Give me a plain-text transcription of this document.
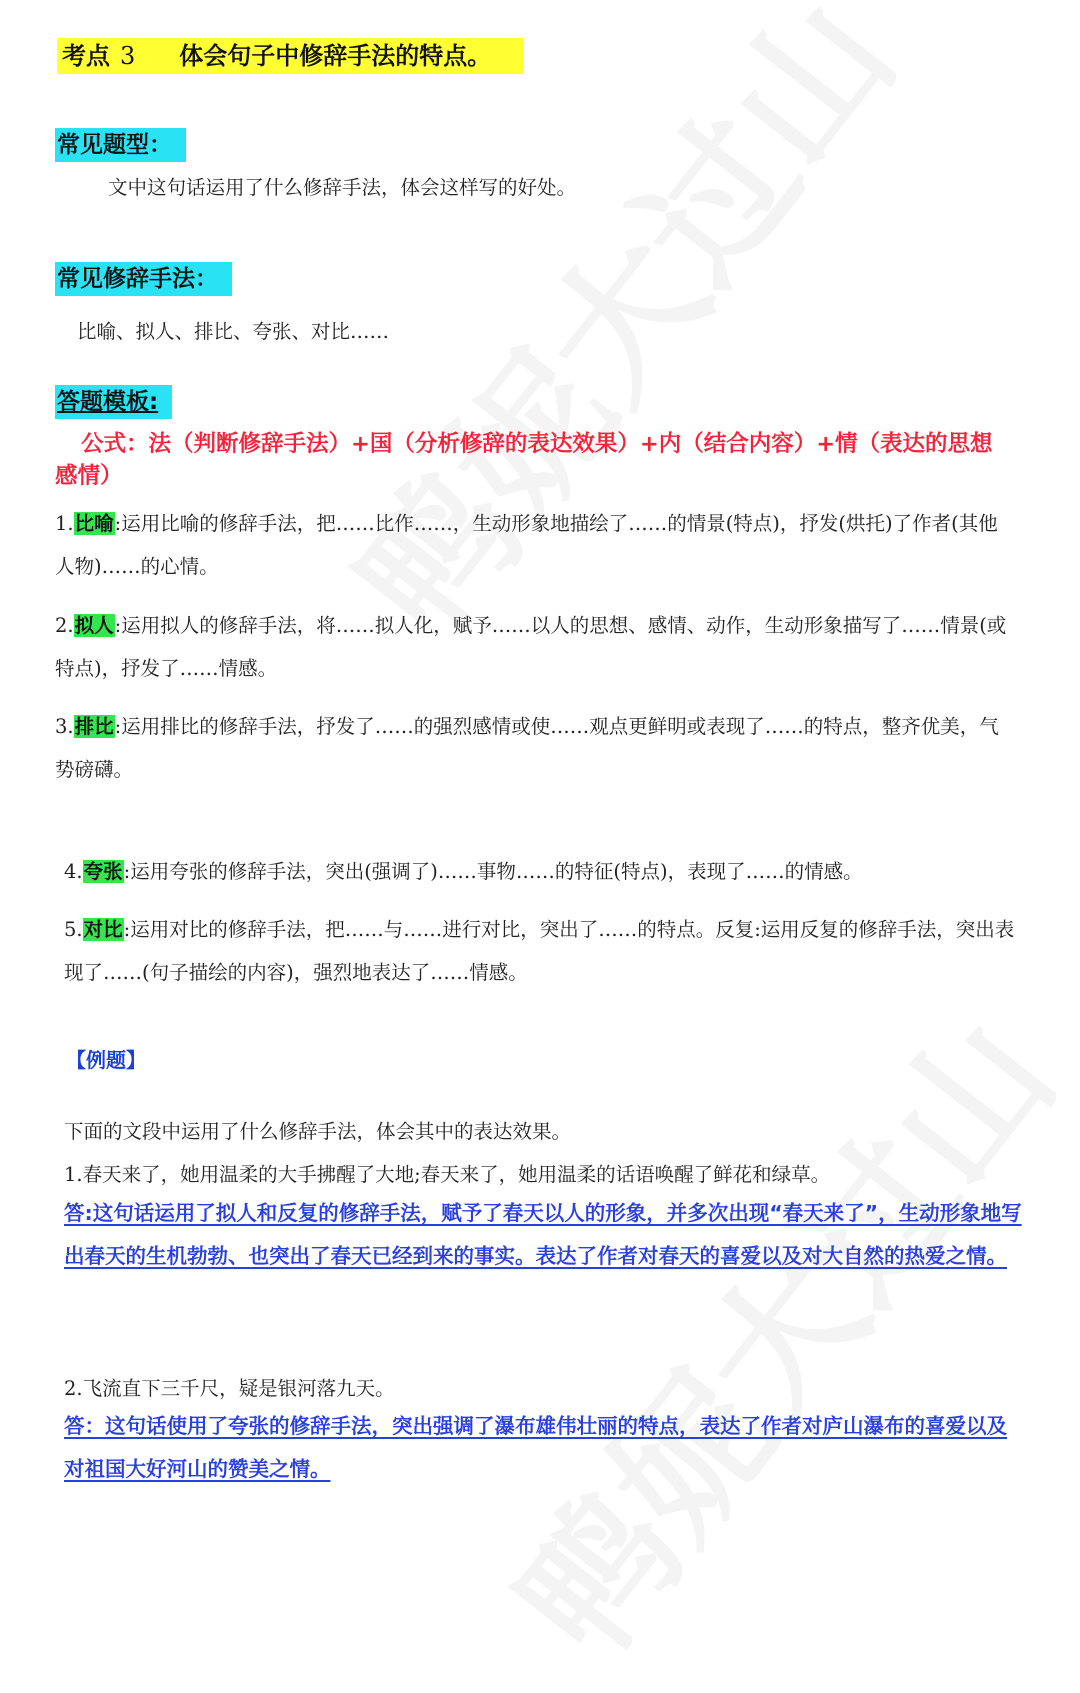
考点 3 体会句子中修辞手法的特点。
常见题型：
文中这句话运用了什么修辞手法，体会这样写的好处。
常见修辞手法：
比喻、拟人、排比、夸张、对比……
答题模板:
公式：法（判断修辞手法）+国（分析修辞的表达效果）+内（结合内容）+情（表达的思想感情）
1.比喻:运用比喻的修辞手法，把……比作……，生动形象地描绘了……的情景(特点)，抒发(烘托)了作者(其他人物)……的心情。
2.拟人:运用拟人的修辞手法，将……拟人化，赋予……以人的思想、感情、动作，生动形象描写了……情景(或特点)，抒发了……情感。
3.排比:运用排比的修辞手法，抒发了……的强烈感情或使……观点更鲜明或表现了……的特点，整齐优美，气势磅礴。
4.夸张:运用夸张的修辞手法，突出(强调了)……事物……的特征(特点)，表现了……的情感。
5.对比:运用对比的修辞手法，把……与……进行对比，突出了……的特点。反复:运用反复的修辞手法，突出表现了……(句子描绘的内容)，强烈地表达了……情感。
【例题】
下面的文段中运用了什么修辞手法，体会其中的表达效果。
1.春天来了，她用温柔的大手拂醒了大地;春天来了，她用温柔的话语唤醒了鲜花和绿草。
答:这句话运用了拟人和反复的修辞手法，赋予了春天以人的形象，并多次出现“春天来了”，生动形象地写出春天的生机勃勃、也突出了春天已经到来的事实。表达了作者对春天的喜爱以及对大自然的热爱之情。
2.飞流直下三千尺，疑是银河落九天。
答：这句话使用了夸张的修辞手法，突出强调了瀑布雄伟壮丽的特点，表达了作者对庐山瀑布的喜爱以及对祖国大好河山的赞美之情。
